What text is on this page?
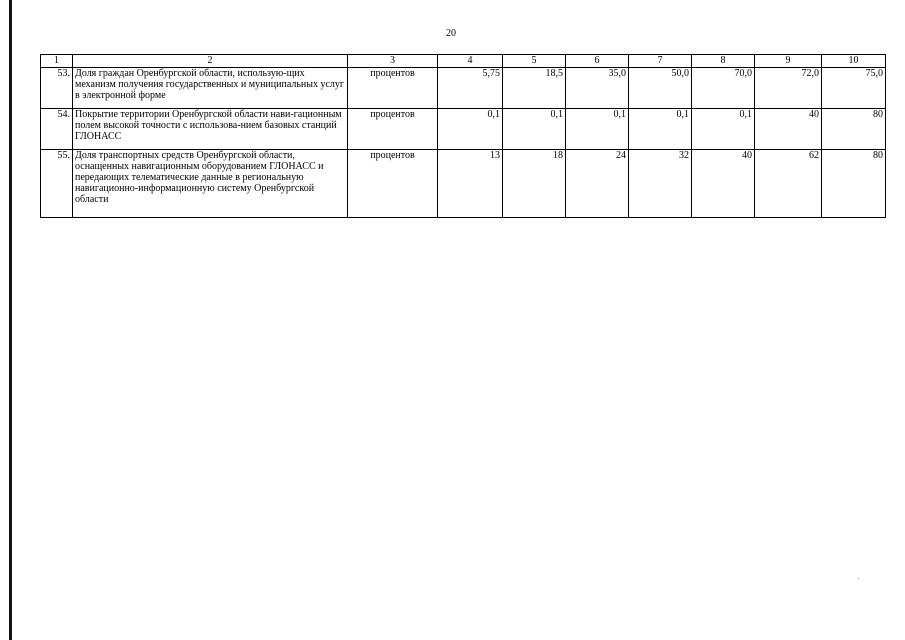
20
1	2	3	4	5	6	7	8	9	10
53.	Доля граждан Оренбургской области, использую-щих механизм получения государственных и муниципальных услуг в электронной форме	процентов	5,75	18,5	35,0	50,0	70,0	72,0	75,0
54.	Покрытие территории Оренбургской области нави-гационным полем высокой точности с использова-нием базовых станций ГЛОНАСС	процентов	0,1	0,1	0,1	0,1	0,1	40	80
55.	Доля транспортных средств Оренбургской области, оснащенных навигационным оборудованием ГЛОНАСС и передающих телематические данные в региональную навигационно-информационную систему Оренбургской области	процентов	13	18	24	32	40	62	80
